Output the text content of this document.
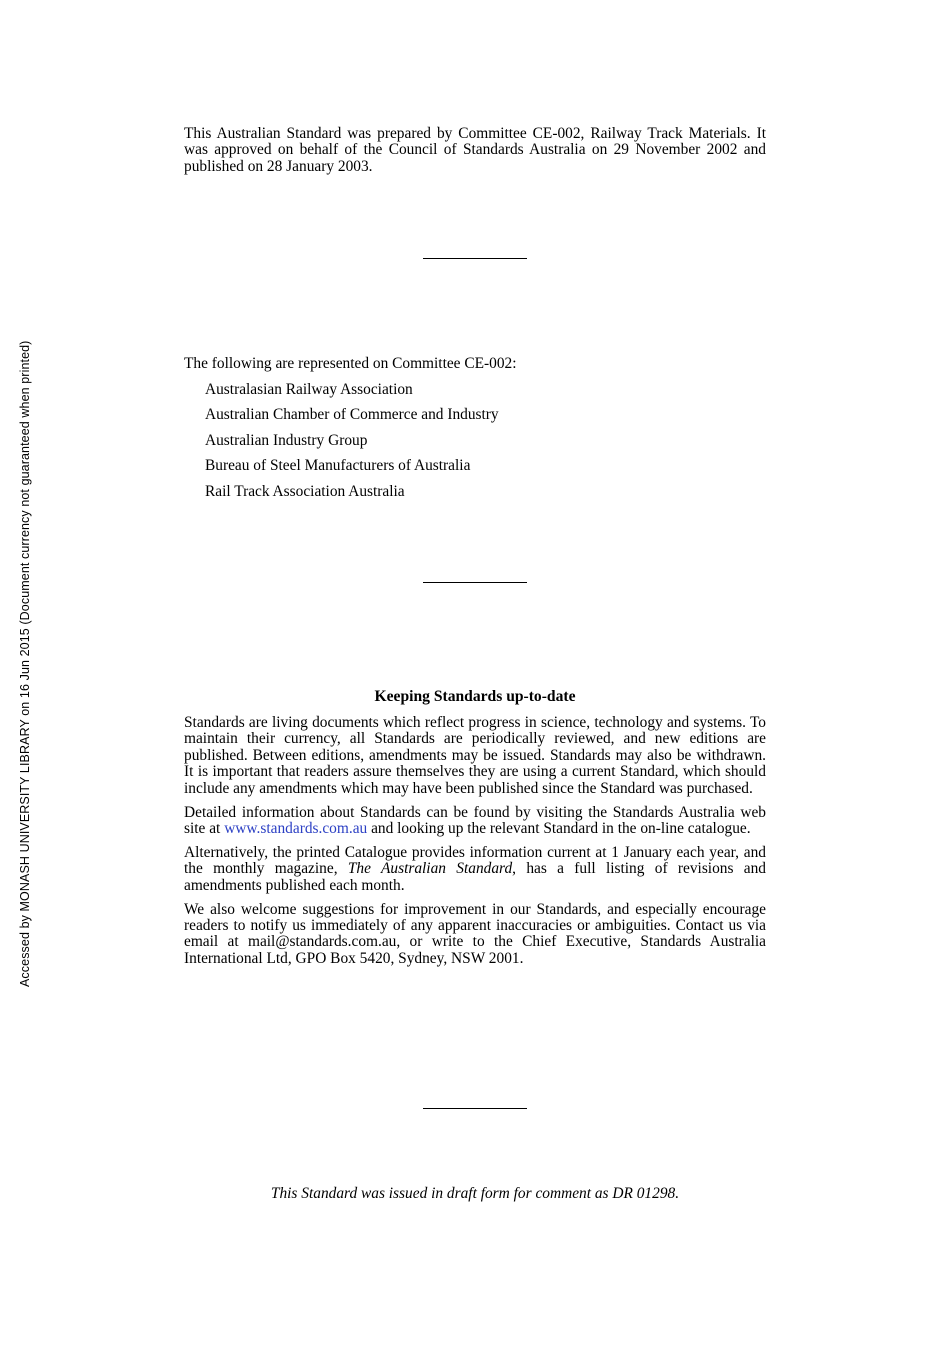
Accessed by MONASH UNIVERSITY LIBRARY on 16 Jun 2015 (Document currency not guaranteed when printed)

This Australian Standard was prepared by Committee CE-002, Railway Track Materials. It was approved on behalf of the Council of Standards Australia on 29 November 2002 and published on 28 January 2003.

The following are represented on Committee CE-002:

Australasian Railway Association
Australian Chamber of Commerce and Industry
Australian Industry Group
Bureau of Steel Manufacturers of Australia
Rail Track Association Australia

Keeping Standards up-to-date

Standards are living documents which reflect progress in science, technology and systems. To maintain their currency, all Standards are periodically reviewed, and new editions are published. Between editions, amendments may be issued. Standards may also be withdrawn. It is important that readers assure themselves they are using a current Standard, which should include any amendments which may have been published since the Standard was purchased.

Detailed information about Standards can be found by visiting the Standards Australia web site at www.standards.com.au and looking up the relevant Standard in the on-line catalogue.

Alternatively, the printed Catalogue provides information current at 1 January each year, and the monthly magazine, The Australian Standard, has a full listing of revisions and amendments published each month.

We also welcome suggestions for improvement in our Standards, and especially encourage readers to notify us immediately of any apparent inaccuracies or ambiguities. Contact us via email at mail@standards.com.au, or write to the Chief Executive, Standards Australia International Ltd, GPO Box 5420, Sydney, NSW 2001.

This Standard was issued in draft form for comment as DR 01298.
